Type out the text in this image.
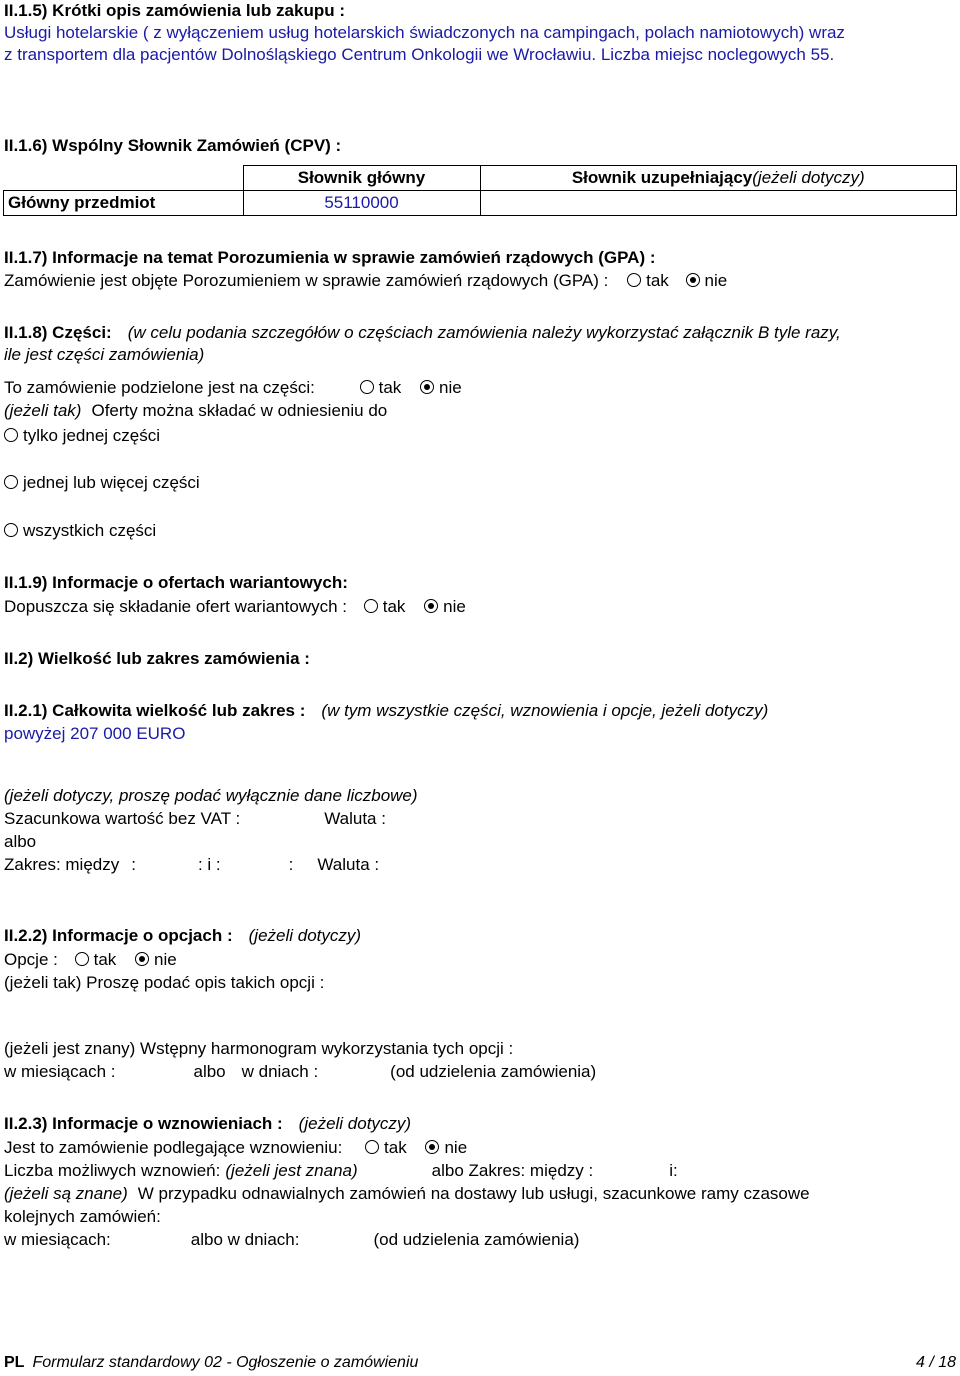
II.1.5) Krótki opis zamówienia lub zakupu :
Usługi hotelarskie ( z wyłączeniem usług hotelarskich świadczonych na campingach, polach namiotowych) wraz
z transportem dla pacjentów Dolnośląskiego Centrum Onkologii we Wrocławiu. Liczba miejsc noclegowych 55.
II.1.6) Wspólny Słownik Zamówień (CPV) :
	Słownik główny	Słownik uzupełniający(jeżeli dotyczy)
Główny przedmiot	55110000	
II.1.7) Informacje na temat Porozumienia w sprawie zamówień rządowych (GPA) :
Zamówienie jest objęte Porozumieniem w sprawie zamówień rządowych (GPA) : tak nie
II.1.8) Części: (w celu podania szczegółów o częściach zamówienia należy wykorzystać załącznik B tyle razy,
ile jest części zamówienia)
To zamówienie podzielone jest na części:	tak nie
(jeżeli tak) Oferty można składać w odniesieniu do
tylko jednej części
jednej lub więcej części
wszystkich części
II.1.9) Informacje o ofertach wariantowych:
Dopuszcza się składanie ofert wariantowych : tak nie
II.2) Wielkość lub zakres zamówienia :
II.2.1) Całkowita wielkość lub zakres : (w tym wszystkie części, wznowienia i opcje, jeżeli dotyczy)
powyżej 207 000 EURO
(jeżeli dotyczy, proszę podać wyłącznie dane liczbowe)
Szacunkowa wartość bez VAT :	Waluta :
albo
Zakres: między :	: i :	: Waluta :
II.2.2) Informacje o opcjach : (jeżeli dotyczy)
Opcje : tak nie
(jeżeli tak) Proszę podać opis takich opcji :
(jeżeli jest znany) Wstępny harmonogram wykorzystania tych opcji :
w miesiącach :	albo w dniach :	(od udzielenia zamówienia)
II.2.3) Informacje o wznowieniach : (jeżeli dotyczy)
Jest to zamówienie podlegające wznowieniu: tak nie
Liczba możliwych wznowień: (jeżeli jest znana)	albo Zakres: między :	i:
(jeżeli są znane) W przypadku odnawialnych zamówień na dostawy lub usługi, szacunkowe ramy czasowe
kolejnych zamówień:
w miesiącach:	albo w dniach:	(od udzielenia zamówienia)
PL Formularz standardowy 02 - Ogłoszenie o zamówieniu	4 / 18
